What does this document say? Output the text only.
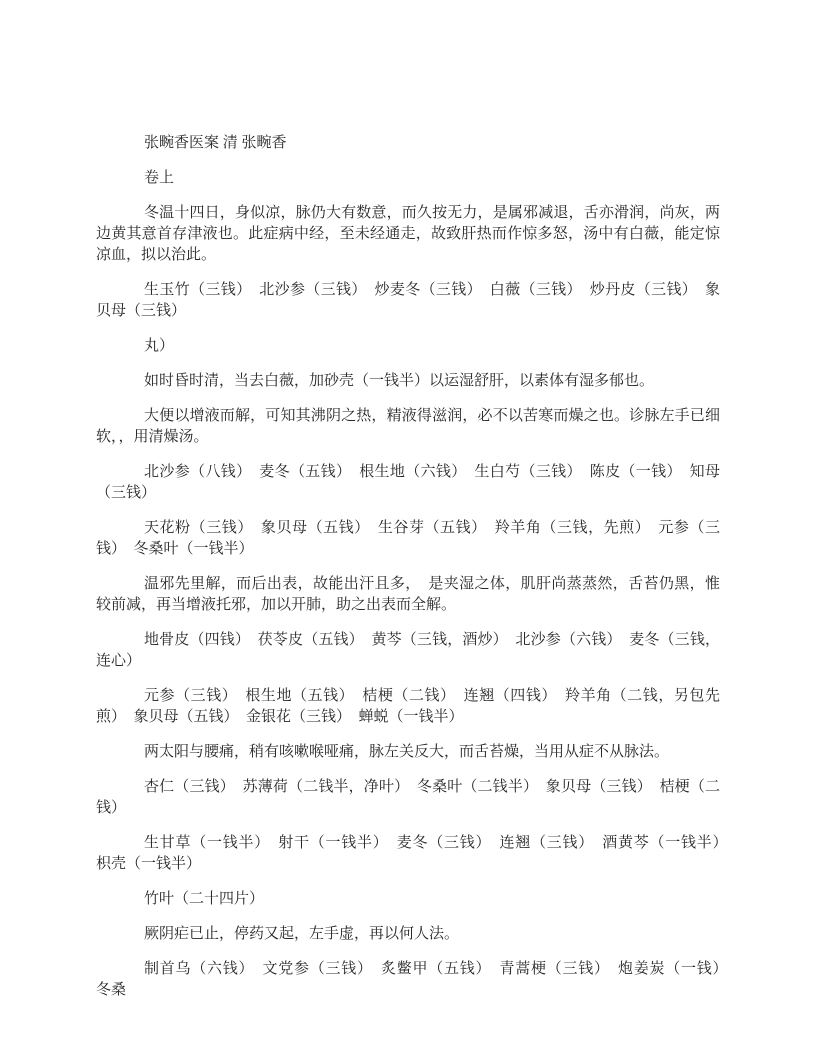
张畹香医案 清 张畹香

卷上

冬温十四日，身似凉，脉仍大有数意，而久按无力，是属邪减退，舌亦滑润，尚灰，两边黄其意首存津液也。此症病中经，至未经通走，故致肝热而作惊多怒，汤中有白薇，能定惊凉血，拟以治此。

生玉竹（三钱）　北沙参（三钱）　炒麦冬（三钱）　白薇（三钱）　炒丹皮（三钱）　象贝母（三钱）

丸）

如时昏时清，当去白薇，加砂壳（一钱半）以运湿舒肝，以素体有湿多郁也。

大便以增液而解，可知其沸阴之热，精液得滋润，必不以苦寒而燥之也。诊脉左手已细软，，用清燥汤。

北沙参（八钱）　麦冬（五钱）　根生地（六钱）　生白芍（三钱）　陈皮（一钱）　知母（三钱）

天花粉（三钱）　象贝母（五钱）　生谷芽（五钱）　羚羊角（三钱，先煎）　元参（三钱）　冬桑叶（一钱半）

温邪先里解，而后出表，故能出汗且多，　是夹湿之体，肌肝尚蒸蒸然，舌苔仍黑，惟较前减，再当增液托邪，加以开肺，助之出表而全解。

地骨皮（四钱）　茯苓皮（五钱）　黄芩（三钱，酒炒）　北沙参（六钱）　麦冬（三钱，连心）

元参（三钱）　根生地（五钱）　桔梗（二钱）　连翘（四钱）　羚羊角（二钱，另包先煎）　象贝母（五钱）　金银花（三钱）　蝉蜕（一钱半）

两太阳与腰痛，稍有咳嗽喉哑痛，脉左关反大，而舌苔燥，当用从症不从脉法。

杏仁（三钱）　苏薄荷（二钱半，净叶）　冬桑叶（二钱半）　象贝母（三钱）　桔梗（二钱）

生甘草（一钱半）　射干（一钱半）　麦冬（三钱）　连翘（三钱）　酒黄芩（一钱半）　枳壳（一钱半）

竹叶（二十四片）

厥阴疟已止，停药又起，左手虚，再以何人法。

制首乌（六钱）　文党参（三钱）　炙鳖甲（五钱）　青蒿梗（三钱）　炮姜炭（一钱）　冬桑
